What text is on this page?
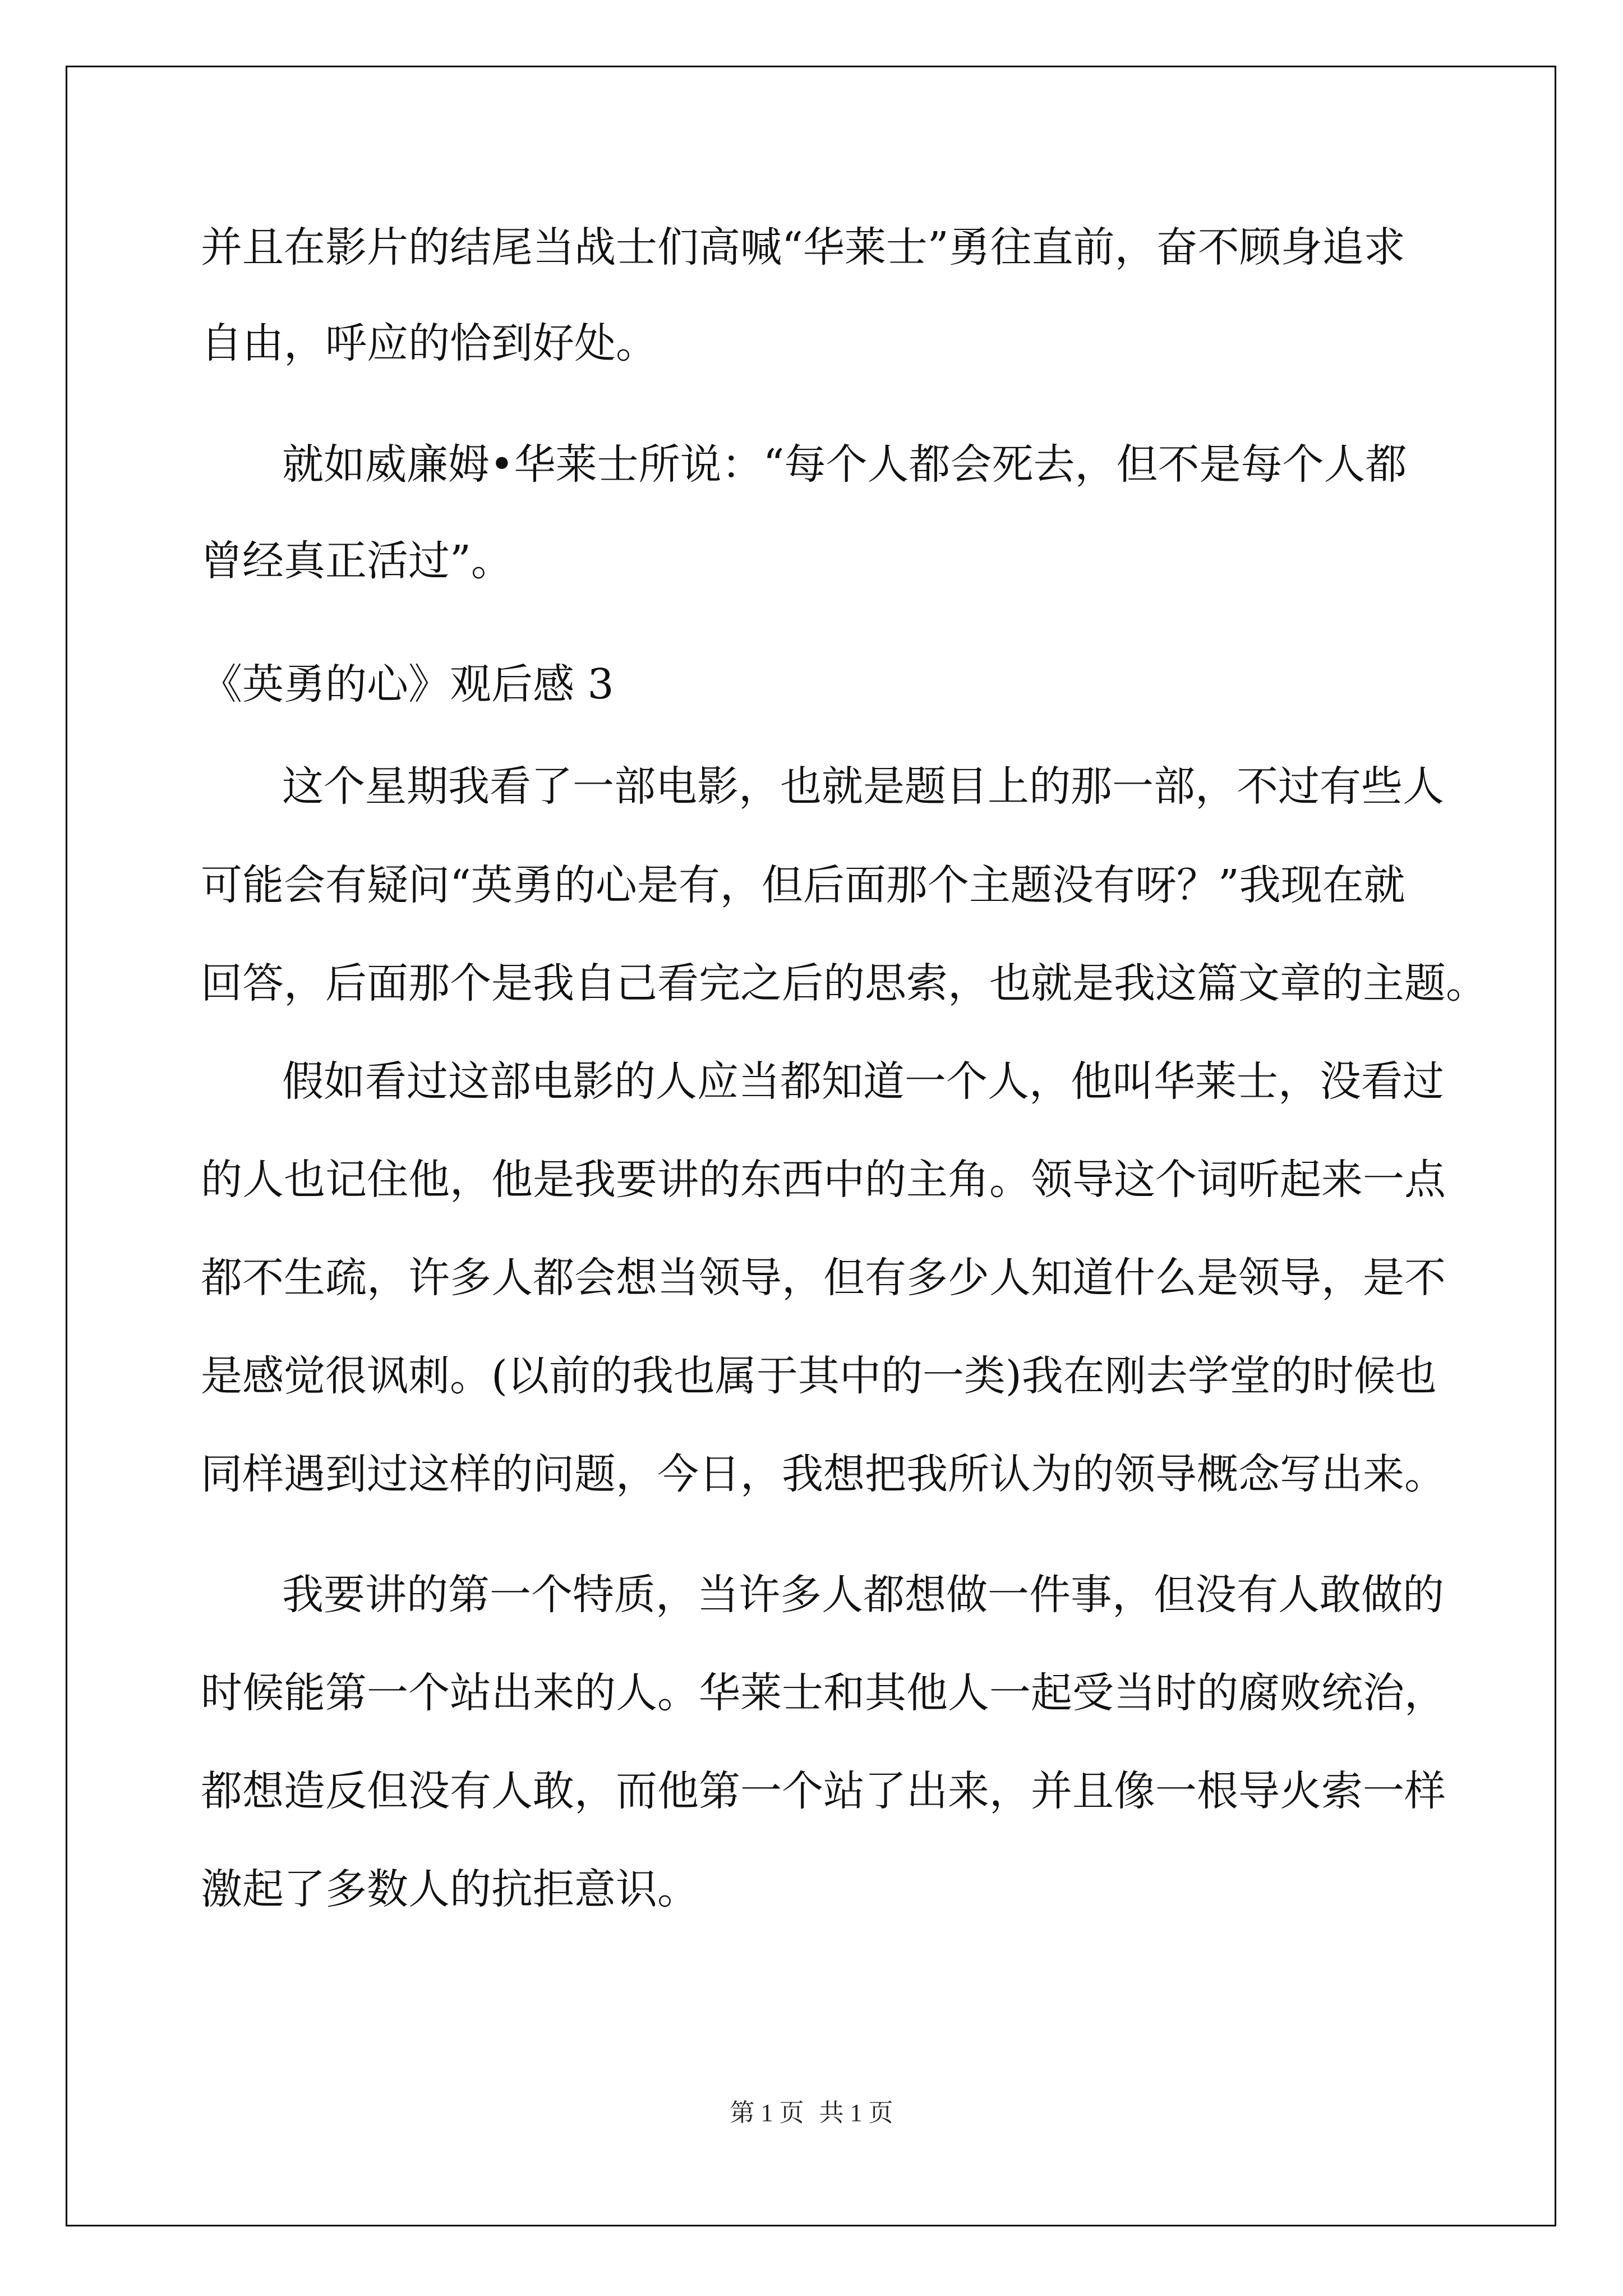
并且在影片的结尾当战士们高喊“华莱士”勇往直前，奋不顾身追求

自由，呼应的恰到好处。

就如威廉姆•华莱士所说：“每个人都会死去，但不是每个人都

曾经真正活过”。

《英勇的心》观后感 3

这个星期我看了一部电影，也就是题目上的那一部，不过有些人

可能会有疑问“英勇的心是有，但后面那个主题没有呀？”我现在就

回答，后面那个是我自己看完之后的思索，也就是我这篇文章的主题。

假如看过这部电影的人应当都知道一个人，他叫华莱士，没看过

的人也记住他，他是我要讲的东西中的主角。领导这个词听起来一点

都不生疏，许多人都会想当领导，但有多少人知道什么是领导，是不

是感觉很讽刺。(以前的我也属于其中的一类)我在刚去学堂的时候也

同样遇到过这样的问题，今日，我想把我所认为的领导概念写出来。

我要讲的第一个特质，当许多人都想做一件事，但没有人敢做的

时候能第一个站出来的人。华莱士和其他人一起受当时的腐败统治，

都想造反但没有人敢，而他第一个站了出来，并且像一根导火索一样

激起了多数人的抗拒意识。

第 1 页 共 1 页
